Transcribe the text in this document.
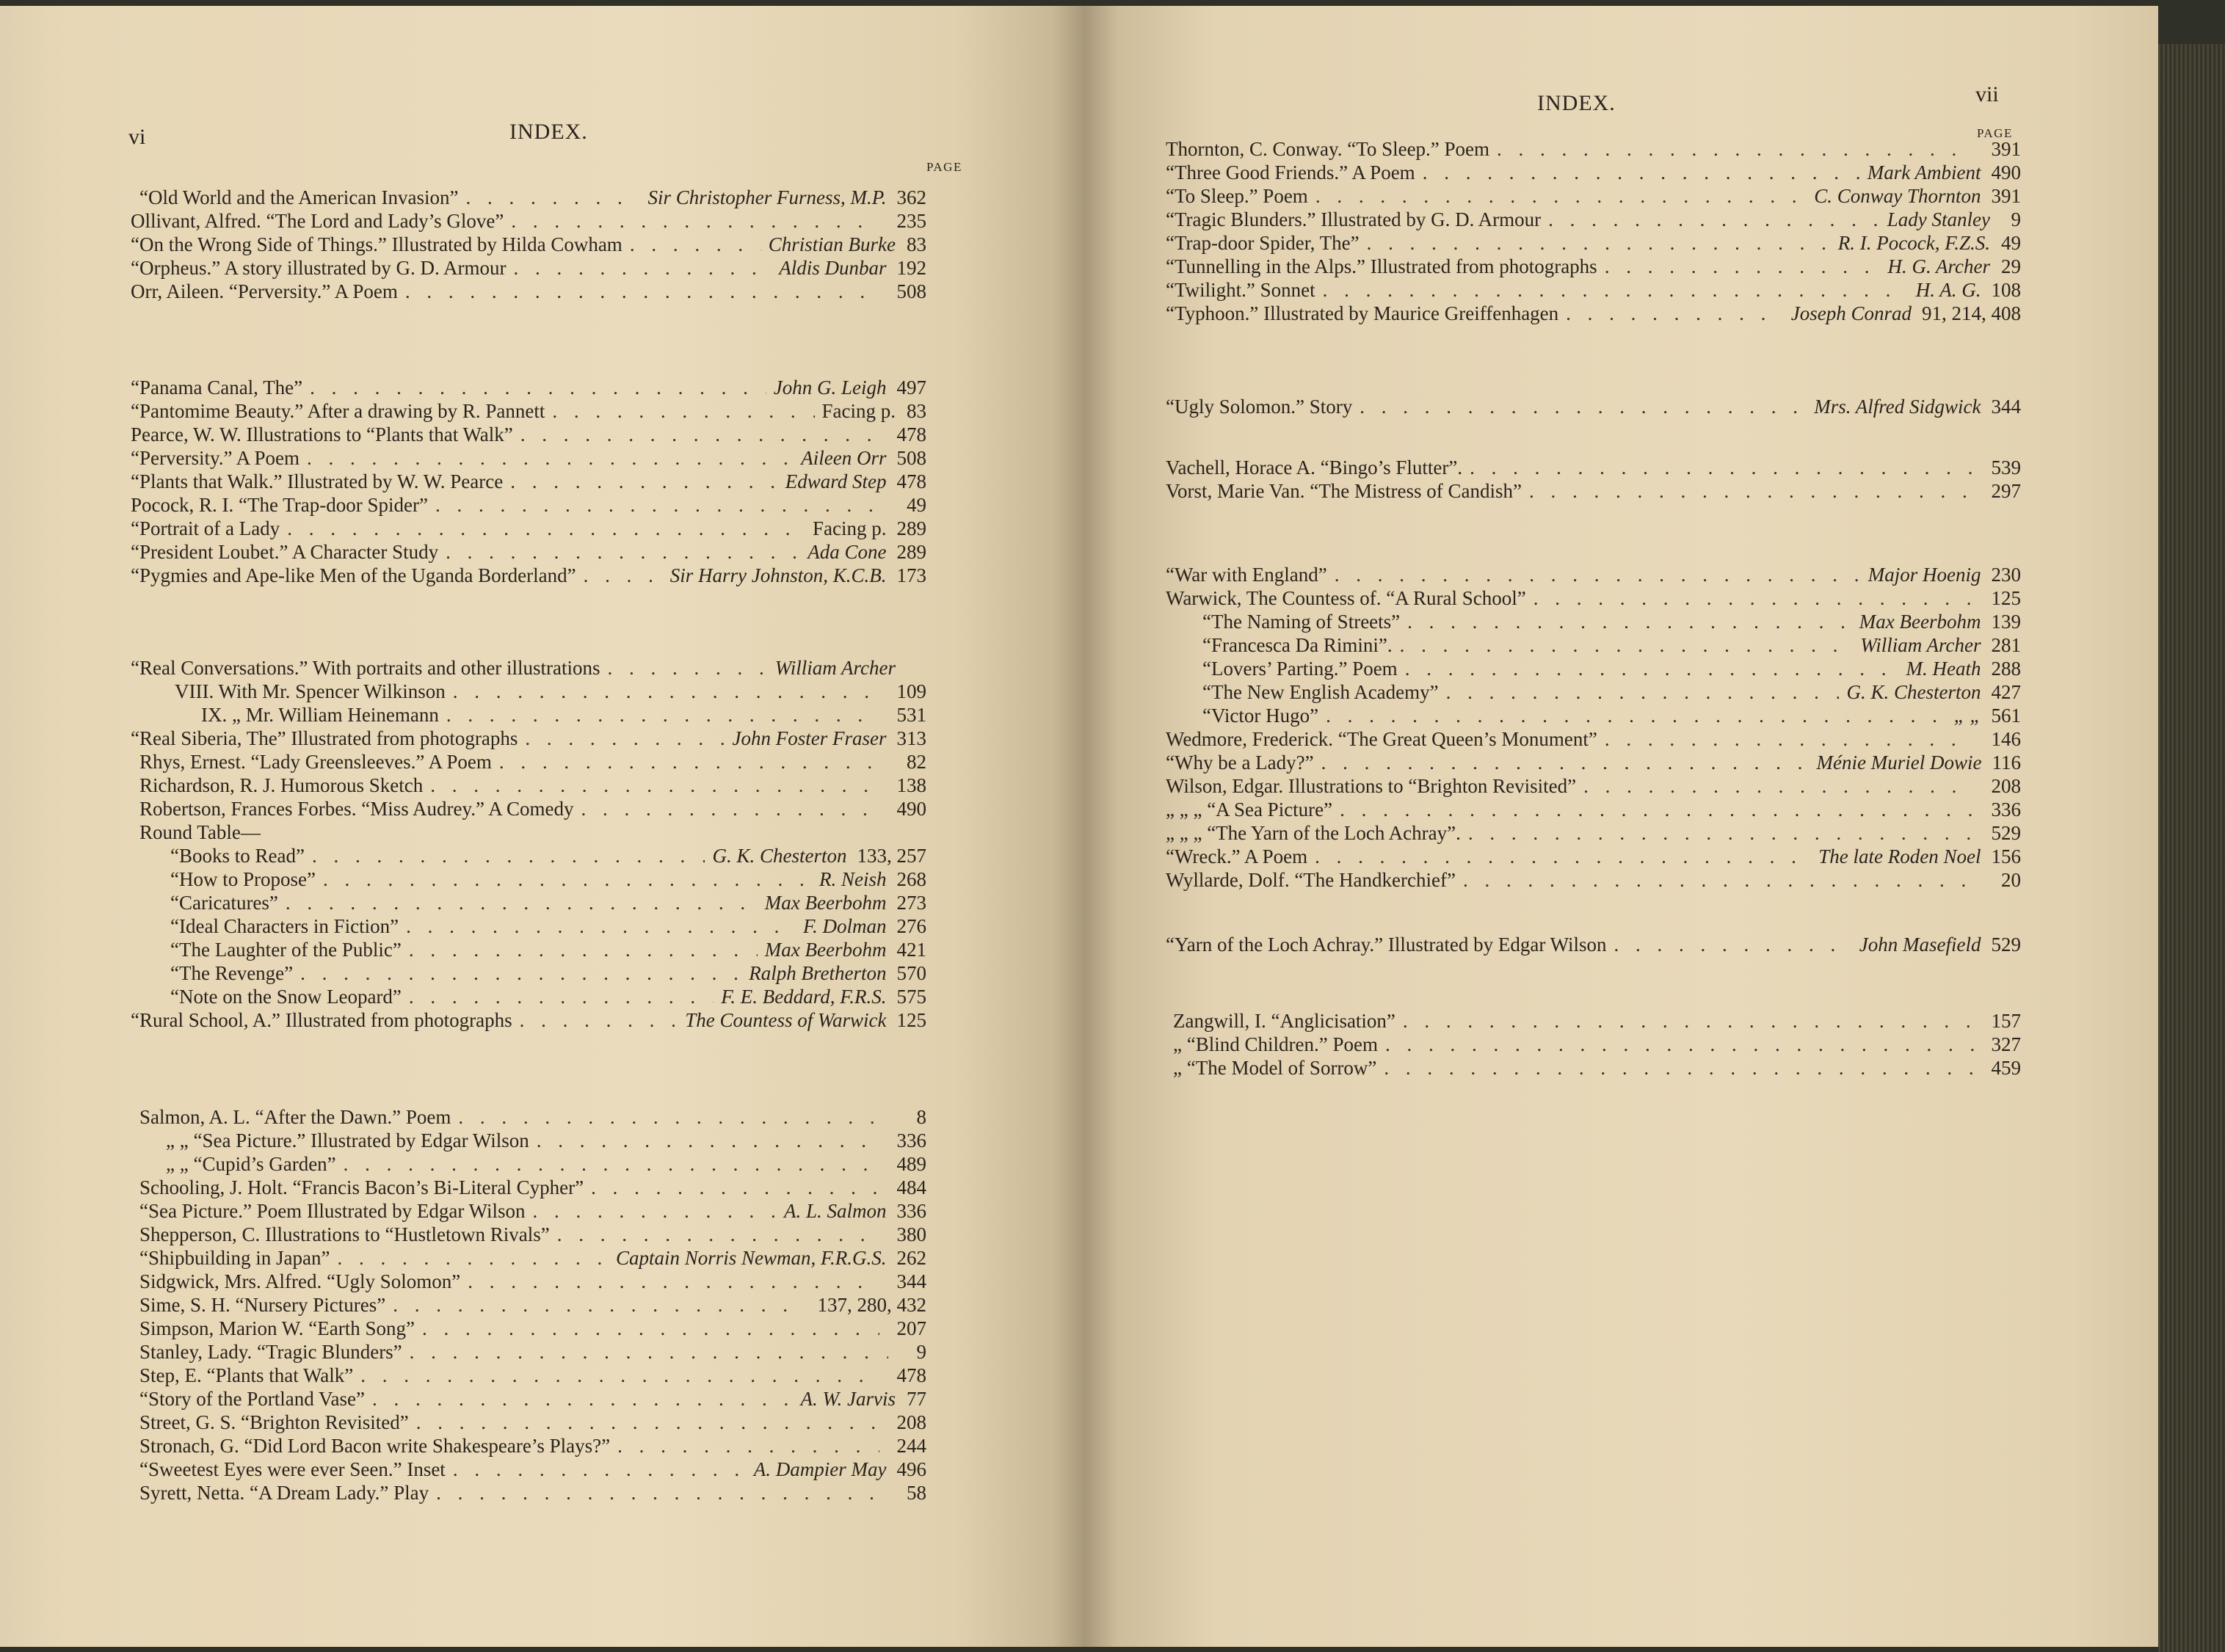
vi	INDEX.
PAGE
“Old World and the American Invasion” . . .	Sir Christopher Furness, M.P. 362
Ollivant, Alfred. “The Lord and Lady’s Glove” . . .	235
“On the Wrong Side of Things.” Illustrated by Hilda Cowham . . .	Christian Burke 83
“Orpheus.” A story illustrated by G. D. Armour . . .	Aldis Dunbar 192
Orr, Aileen. “Perversity.” A Poem . . .	508
“Panama Canal, The” . . .	John G. Leigh 497
“Pantomime Beauty.” After a drawing by R. Pannett . . .	Facing p. 83
Pearce, W. W. Illustrations to “Plants that Walk” . . .	478
“Perversity.” A Poem . . .	Aileen Orr 508
“Plants that Walk.” Illustrated by W. W. Pearce . . .	Edward Step 478
Pocock, R. I. “The Trap-door Spider” . . .	49
“Portrait of a Lady . . .	Facing p. 289
“President Loubet.” A Character Study . . .	Ada Cone 289
“Pygmies and Ape-like Men of the Uganda Borderland” . . .	Sir Harry Johnston, K.C.B. 173
“Real Conversations.” With portraits and other illustrations . . .	William Archer
VIII. With Mr. Spencer Wilkinson . . .	109
IX. „ Mr. William Heinemann . . .	531
“Real Siberia, The” Illustrated from photographs . . .	John Foster Fraser 313
Rhys, Ernest. “Lady Greensleeves.” A Poem . . .	82
Richardson, R. J. Humorous Sketch . . .	138
Robertson, Frances Forbes. “Miss Audrey.” A Comedy . . .	490
Round Table—
“Books to Read” . . .	G. K. Chesterton 133, 257
“How to Propose” . . .	R. Neish 268
“Caricatures” . . .	Max Beerbohm 273
“Ideal Characters in Fiction” . . .	F. Dolman 276
“The Laughter of the Public” . . .	Max Beerbohm 421
“The Revenge” . . .	Ralph Bretherton 570
“Note on the Snow Leopard” . . .	F. E. Beddard, F.R.S. 575
“Rural School, A.” Illustrated from photographs . . .	The Countess of Warwick 125
Salmon, A. L. “After the Dawn.” Poem . . .	8
„ „ “Sea Picture.” Illustrated by Edgar Wilson . . .	336
„ „ “Cupid’s Garden” . . .	489
Schooling, J. Holt. “Francis Bacon’s Bi-Literal Cypher” . . .	484
“Sea Picture.” Poem Illustrated by Edgar Wilson . . .	A. L. Salmon 336
Shepperson, C. Illustrations to “Hustletown Rivals” . . .	380
“Shipbuilding in Japan” . . .	Captain Norris Newman, F.R.G.S. 262
Sidgwick, Mrs. Alfred. “Ugly Solomon” . . .	344
Sime, S. H. “Nursery Pictures” . . .	137, 280, 432
Simpson, Marion W. “Earth Song” . . .	207
Stanley, Lady. “Tragic Blunders” . . .	9
Step, E. “Plants that Walk” . . .	478
“Story of the Portland Vase” . . .	A. W. Jarvis 77
Street, G. S. “Brighton Revisited” . . .	208
Stronach, G. “Did Lord Bacon write Shakespeare’s Plays?” . . .	244
“Sweetest Eyes were ever Seen.” Inset . . .	A. Dampier May 496
Syrett, Netta. “A Dream Lady.” Play . . .	58
INDEX.	vii
PAGE
Thornton, C. Conway. “To Sleep.” Poem . . .	391
“Three Good Friends.” A Poem . . .	Mark Ambient 490
“To Sleep.” Poem . . .	C. Conway Thornton 391
“Tragic Blunders.” Illustrated by G. D. Armour . . .	Lady Stanley	9
“Trap-door Spider, The” . . .	R. I. Pocock, F.Z.S. 49
“Tunnelling in the Alps.” Illustrated from photographs . . .	H. G. Archer 29
“Twilight.” Sonnet . . .	H. A. G. 108
“Typhoon.” Illustrated by Maurice Greiffenhagen . . .	Joseph Conrad 91, 214, 408
“Ugly Solomon.” Story . . .	Mrs. Alfred Sidgwick 344
Vachell, Horace A. “Bingo’s Flutter”. . . .	539
Vorst, Marie Van. “The Mistress of Candish” . . .	297
“War with England” . . .	Major Hoenig 230
Warwick, The Countess of. “A Rural School” . . .	125
“The Naming of Streets” . . .	Max Beerbohm 139
“Francesca Da Rimini”. . . .	William Archer 281
“Lovers’ Parting.” Poem . . .	M. Heath 288
“The New English Academy” . . .	G. K. Chesterton 427
“Victor Hugo” . . .	„ „ 561
Wedmore, Frederick. “The Great Queen’s Monument” . . .	146
“Why be a Lady?” . . .	Ménie Muriel Dowie 116
Wilson, Edgar. Illustrations to “Brighton Revisited” . . .	208
„ „ „ “A Sea Picture” . . .	336
„ „ „ “The Yarn of the Loch Achray”. . . .	529
“Wreck.” A Poem . . .	The late Roden Noel 156
Wyllarde, Dolf. “The Handkerchief” . . .	20
“Yarn of the Loch Achray.” Illustrated by Edgar Wilson . . .	John Masefield 529
Zangwill, I. “Anglicisation” . . .	157
„ “Blind Children.” Poem . . .	327
„ “The Model of Sorrow” . . .	459
